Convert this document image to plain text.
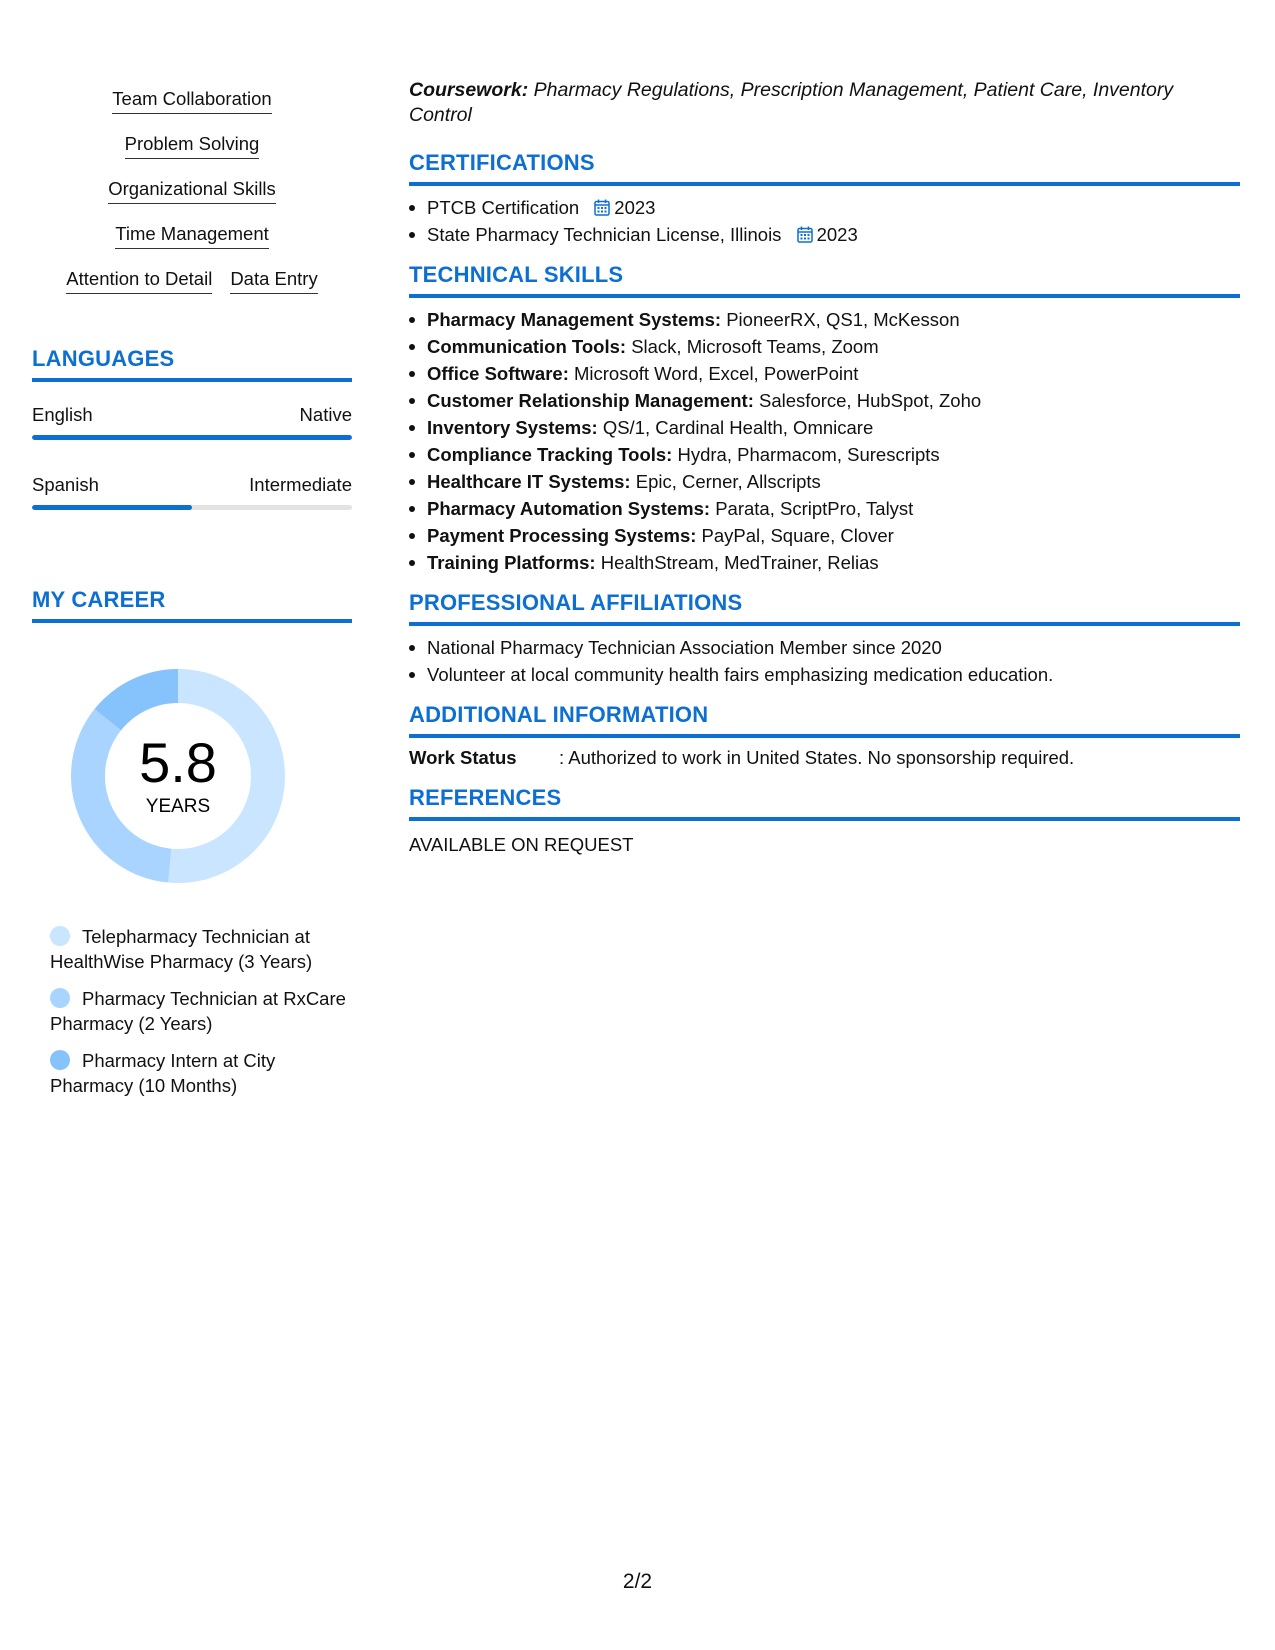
Team Collaboration
Problem Solving
Organizational Skills
Time Management
Attention to Detail Data Entry
LANGUAGES
English	Native
Spanish	Intermediate
MY CAREER
5.8
YEARS
Telepharmacy Technician at HealthWise Pharmacy (3 Years)
Pharmacy Technician at RxCare Pharmacy (2 Years)
Pharmacy Intern at City Pharmacy (10 Months)
Coursework: Pharmacy Regulations, Prescription Management, Patient Care, Inventory Control
CERTIFICATIONS
PTCB Certification 2023
State Pharmacy Technician License, Illinois 2023
TECHNICAL SKILLS
Pharmacy Management Systems: PioneerRX, QS1, McKesson
Communication Tools: Slack, Microsoft Teams, Zoom
Office Software: Microsoft Word, Excel, PowerPoint
Customer Relationship Management: Salesforce, HubSpot, Zoho
Inventory Systems: QS/1, Cardinal Health, Omnicare
Compliance Tracking Tools: Hydra, Pharmacom, Surescripts
Healthcare IT Systems: Epic, Cerner, Allscripts
Pharmacy Automation Systems: Parata, ScriptPro, Talyst
Payment Processing Systems: PayPal, Square, Clover
Training Platforms: HealthStream, MedTrainer, Relias
PROFESSIONAL AFFILIATIONS
National Pharmacy Technician Association Member since 2020
Volunteer at local community health fairs emphasizing medication education.
ADDITIONAL INFORMATION
Work Status	: Authorized to work in United States. No sponsorship required.
REFERENCES
AVAILABLE ON REQUEST
2/2
